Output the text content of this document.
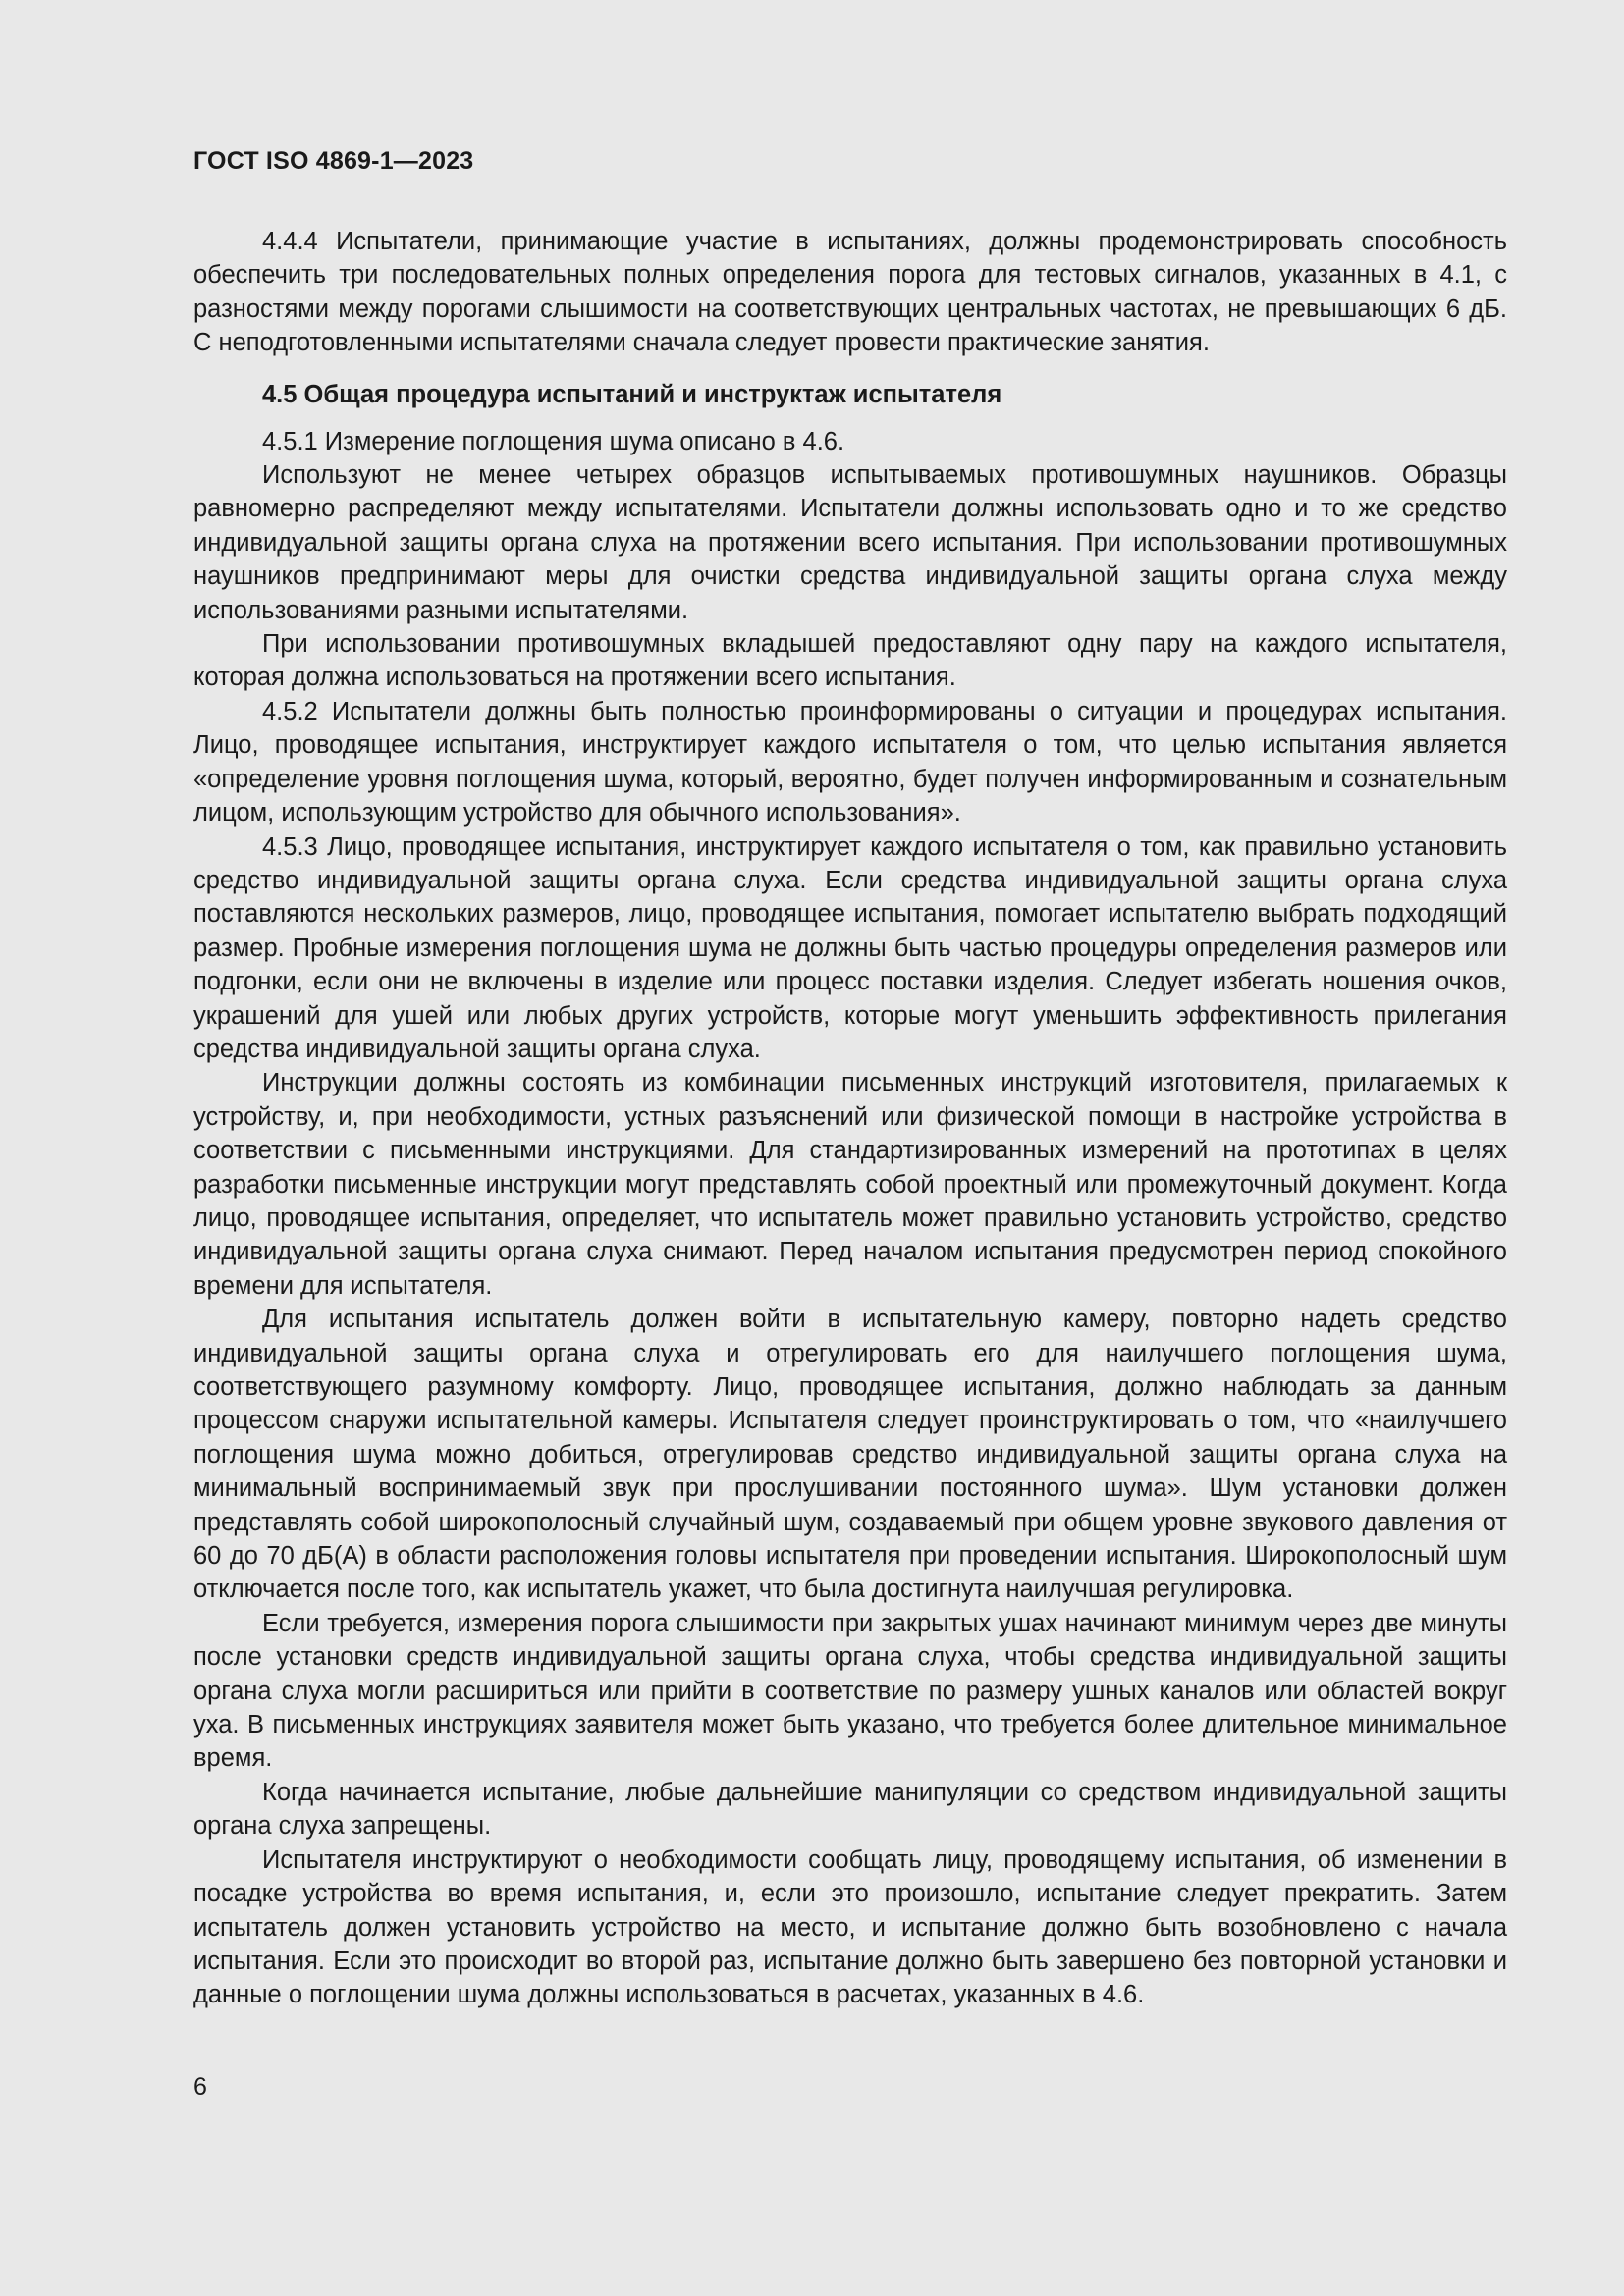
ГОСТ ISO 4869-1—2023

4.4.4 Испытатели, принимающие участие в испытаниях, должны продемонстрировать способность обеспечить три последовательных полных определения порога для тестовых сигналов, указанных в 4.1, с разностями между порогами слышимости на соответствующих центральных частотах, не превышающих 6 дБ. С неподготовленными испытателями сначала следует провести практические занятия.

4.5 Общая процедура испытаний и инструктаж испытателя

4.5.1 Измерение поглощения шума описано в 4.6.

Используют не менее четырех образцов испытываемых противошумных наушников. Образцы равномерно распределяют между испытателями. Испытатели должны использовать одно и то же средство индивидуальной защиты органа слуха на протяжении всего испытания. При использовании противошумных наушников предпринимают меры для очистки средства индивидуальной защиты органа слуха между использованиями разными испытателями.

При использовании противошумных вкладышей предоставляют одну пару на каждого испытателя, которая должна использоваться на протяжении всего испытания.

4.5.2 Испытатели должны быть полностью проинформированы о ситуации и процедурах испытания. Лицо, проводящее испытания, инструктирует каждого испытателя о том, что целью испытания является «определение уровня поглощения шума, который, вероятно, будет получен информированным и сознательным лицом, использующим устройство для обычного использования».

4.5.3 Лицо, проводящее испытания, инструктирует каждого испытателя о том, как правильно установить средство индивидуальной защиты органа слуха. Если средства индивидуальной защиты органа слуха поставляются нескольких размеров, лицо, проводящее испытания, помогает испытателю выбрать подходящий размер. Пробные измерения поглощения шума не должны быть частью процедуры определения размеров или подгонки, если они не включены в изделие или процесс поставки изделия. Следует избегать ношения очков, украшений для ушей или любых других устройств, которые могут уменьшить эффективность прилегания средства индивидуальной защиты органа слуха.

Инструкции должны состоять из комбинации письменных инструкций изготовителя, прилагаемых к устройству, и, при необходимости, устных разъяснений или физической помощи в настройке устройства в соответствии с письменными инструкциями. Для стандартизированных измерений на прототипах в целях разработки письменные инструкции могут представлять собой проектный или промежуточный документ. Когда лицо, проводящее испытания, определяет, что испытатель может правильно установить устройство, средство индивидуальной защиты органа слуха снимают. Перед началом испытания предусмотрен период спокойного времени для испытателя.

Для испытания испытатель должен войти в испытательную камеру, повторно надеть средство индивидуальной защиты органа слуха и отрегулировать его для наилучшего поглощения шума, соответствующего разумному комфорту. Лицо, проводящее испытания, должно наблюдать за данным процессом снаружи испытательной камеры. Испытателя следует проинструктировать о том, что «наилучшего поглощения шума можно добиться, отрегулировав средство индивидуальной защиты органа слуха на минимальный воспринимаемый звук при прослушивании постоянного шума». Шум установки должен представлять собой широкополосный случайный шум, создаваемый при общем уровне звукового давления от 60 до 70 дБ(А) в области расположения головы испытателя при проведении испытания. Широкополосный шум отключается после того, как испытатель укажет, что была достигнута наилучшая регулировка.

Если требуется, измерения порога слышимости при закрытых ушах начинают минимум через две минуты после установки средств индивидуальной защиты органа слуха, чтобы средства индивидуальной защиты органа слуха могли расшириться или прийти в соответствие по размеру ушных каналов или областей вокруг уха. В письменных инструкциях заявителя может быть указано, что требуется более длительное минимальное время.

Когда начинается испытание, любые дальнейшие манипуляции со средством индивидуальной защиты органа слуха запрещены.

Испытателя инструктируют о необходимости сообщать лицу, проводящему испытания, об изменении в посадке устройства во время испытания, и, если это произошло, испытание следует прекратить. Затем испытатель должен установить устройство на место, и испытание должно быть возобновлено с начала испытания. Если это происходит во второй раз, испытание должно быть завершено без повторной установки и данные о поглощении шума должны использоваться в расчетах, указанных в 4.6.

6
